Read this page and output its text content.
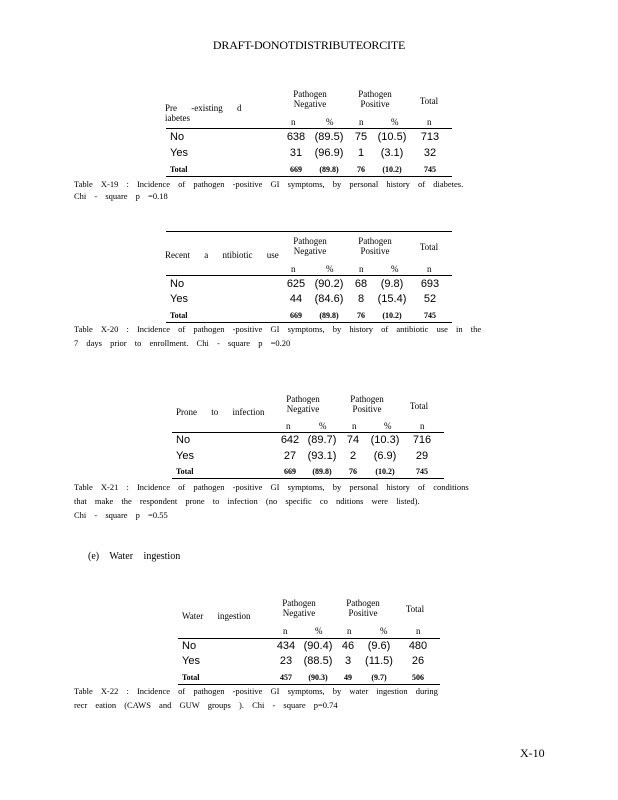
DRAFT-DONOTDISTRIBUTEORCITE
Pre -existing d iabetes
Pathogen Negative
Pathogen Positive	Total
n	%	n	%	n
No	638 (89.5) 75 (10.5) 713
Yes	31	(96.9)	1	(3.1)	32
Total	669	(89.8)	76	(10.2)	745
Table X-19 : Incidence of pathogen -positive GI symptoms, by personal history of diabetes.
Chi - square p =0.18
Recent a ntibiotic use
Pathogen Negative
Pathogen Positive	Total
n	%	n	%	n
No	625 (90.2) 68	(9.8)	693
Yes	44	(84.6)	8	(15.4)	52
Total	669	(89.8)	76	(10.2)	745
Table X-20 : Incidence of pathogen -positive GI symptoms, by history of antibiotic use in the
7 days prior to enrollment. Chi - square p =0.20
Prone to infection
Pathogen Negative
Pathogen Positive	Total
n	%	n	%	n
No	642 (89.7) 74 (10.3) 716
Yes	27	(93.1)	2	(6.9)	29
Total	669	(89.8)	76	(10.2)	745
Table X-21 : Incidence of pathogen -positive GI symptoms, by personal history of conditions
that make the respondent prone to infection (no specific co nditions were listed).
Chi - square p =0.55
(e) Water ingestion
Water ingestion
Pathogen Negative
Pathogen Positive	Total
n	%	n	%	n
No	434 (90.4) 46	(9.6)	480
Yes	23	(88.5)	3	(11.5)	26
Total	457	(90.3)	49	(9.7)	506
Table X-22 : Incidence of pathogen -positive GI symptoms, by water ingestion during
recr eation (CAWS and GUW groups ). Chi - square p=0.74
X-10
